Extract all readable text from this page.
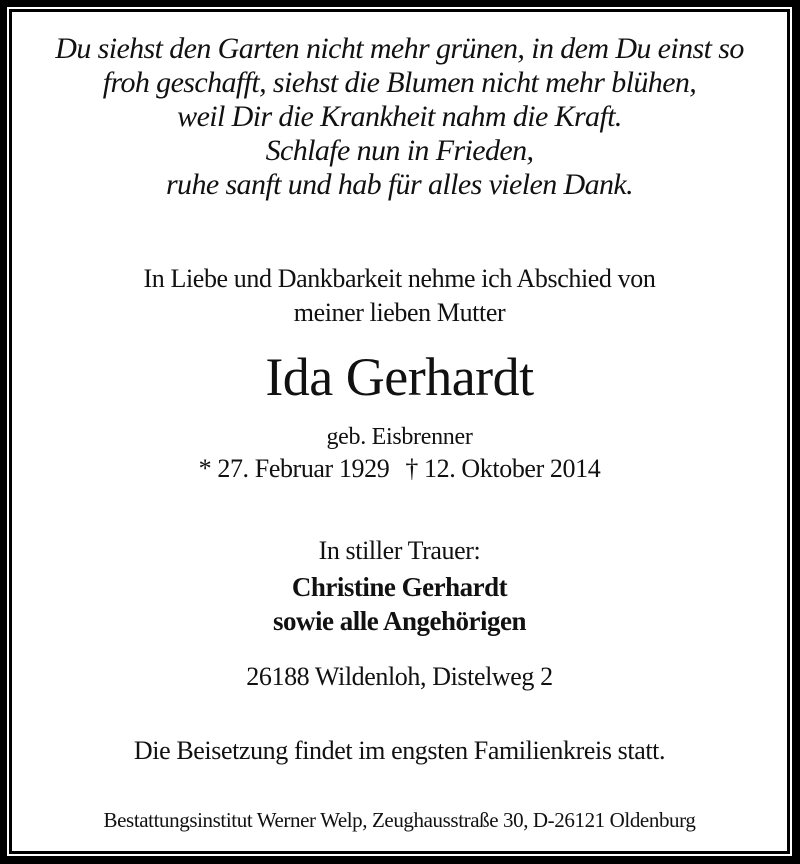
Du siehst den Garten nicht mehr grünen, in dem Du einst so
froh geschafft, siehst die Blumen nicht mehr blühen,
weil Dir die Krankheit nahm die Kraft.
Schlafe nun in Frieden,
ruhe sanft und hab für alles vielen Dank.
In Liebe und Dankbarkeit nehme ich Abschied von
meiner lieben Mutter
Ida Gerhardt
geb. Eisbrenner
* 27. Februar 1929 † 12. Oktober 2014
In stiller Trauer:
Christine Gerhardt
sowie alle Angehörigen
26188 Wildenloh, Distelweg 2
Die Beisetzung findet im engsten Familienkreis statt.
Bestattungsinstitut Werner Welp, Zeughausstraße 30, D-26121 Oldenburg
